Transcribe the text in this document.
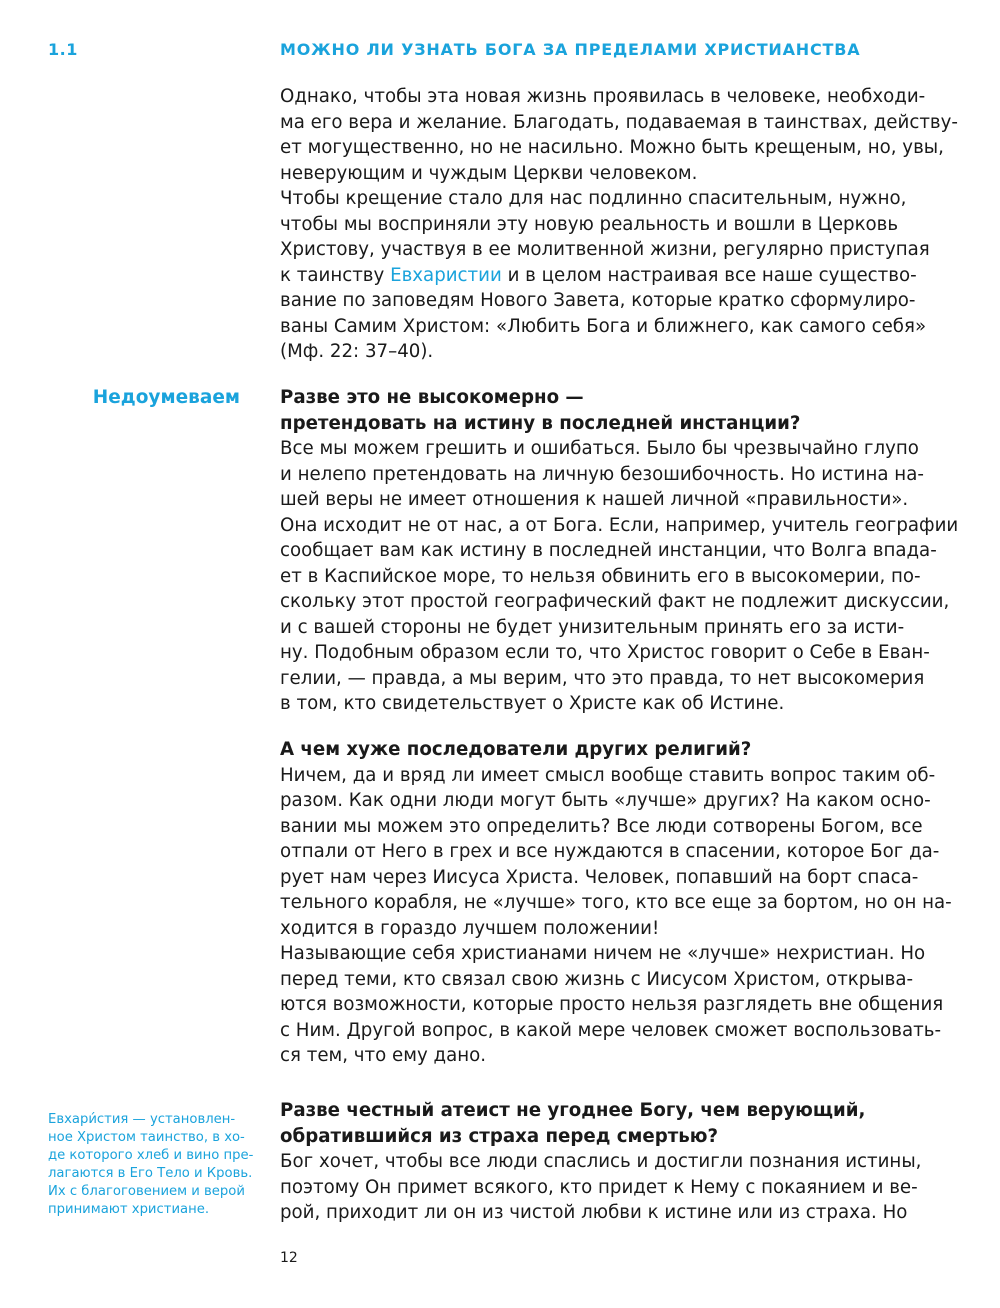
1.1	МОЖНО ЛИ УЗНАТЬ БОГА ЗА ПРЕДЕЛАМИ ХРИСТИАНСТВА
Однако, чтобы эта новая жизнь проявилась в человеке, необходи-
ма его вера и желание. Благодать, подаваемая в таинствах, действу-
ет могущественно, но не насильно. Можно быть крещеным, но, увы,
неверующим и чуждым Церкви человеком.
Чтобы крещение стало для нас подлинно спасительным, нужно,
чтобы мы восприняли эту новую реальность и вошли в Церковь
Христову, участвуя в ее молитвенной жизни, регулярно приступая
к таинству Евхаристии и в целом настраивая все наше существо-
вание по заповедям Нового Завета, которые кратко сформулиро-
ваны Самим Христом: «Любить Бога и ближнего, как самого себя»
(Мф. 22: 37–40).
Недоумеваем Разве это не высокомерно —
претендовать на истину в последней инстанции?
Все мы можем грешить и ошибаться. Было бы чрезвычайно глупо
и нелепо претендовать на личную безошибочность. Но истина на-
шей веры не имеет отношения к нашей личной «правильности».
Она исходит не от нас, а от Бога. Если, например, учитель географии
сообщает вам как истину в последней инстанции, что Волга впада-
ет в Каспийское море, то нельзя обвинить его в высокомерии, по-
скольку этот простой географический факт не подлежит дискуссии,
и с вашей стороны не будет унизительным принять его за исти-
ну. Подобным образом если то, что Христос говорит о Себе в Еван-
гелии, — правда, а мы верим, что это правда, то нет высокомерия
в том, кто свидетельствует о Христе как об Истине.
А чем хуже последователи других религий?
Ничем, да и вряд ли имеет смысл вообще ставить вопрос таким об-
разом. Как одни люди могут быть «лучше» других? На каком осно-
вании мы можем это определить? Все люди сотворены Богом, все
отпали от Него в грех и все нуждаются в спасении, которое Бог да-
рует нам через Иисуса Христа. Человек, попавший на борт спаса-
тельного корабля, не «лучше» того, кто все еще за бортом, но он на-
ходится в гораздо лучшем положении!
Называющие себя христианами ничем не «лучше» нехристиан. Но
перед теми, кто связал свою жизнь с Иисусом Христом, открыва-
ются возможности, которые просто нельзя разглядеть вне общения
с Ним. Другой вопрос, в какой мере человек сможет воспользовать-
ся тем, что ему дано.
Разве честный атеист не угоднее Богу, чем верующий,
обратившийся из страха перед смертью?
Бог хочет, чтобы все люди спаслись и достигли познания истины,
поэтому Он примет всякого, кто придет к Нему с покаянием и ве-
рой, приходит ли он из чистой любви к истине или из страха. Но
Евхари́стия — установлен-
ное Христом таинство, в хо-
де которого хлеб и вино пре-
лагаются в Его Тело и Кровь.
Их с благоговением и верой
принимают христиане.
12
